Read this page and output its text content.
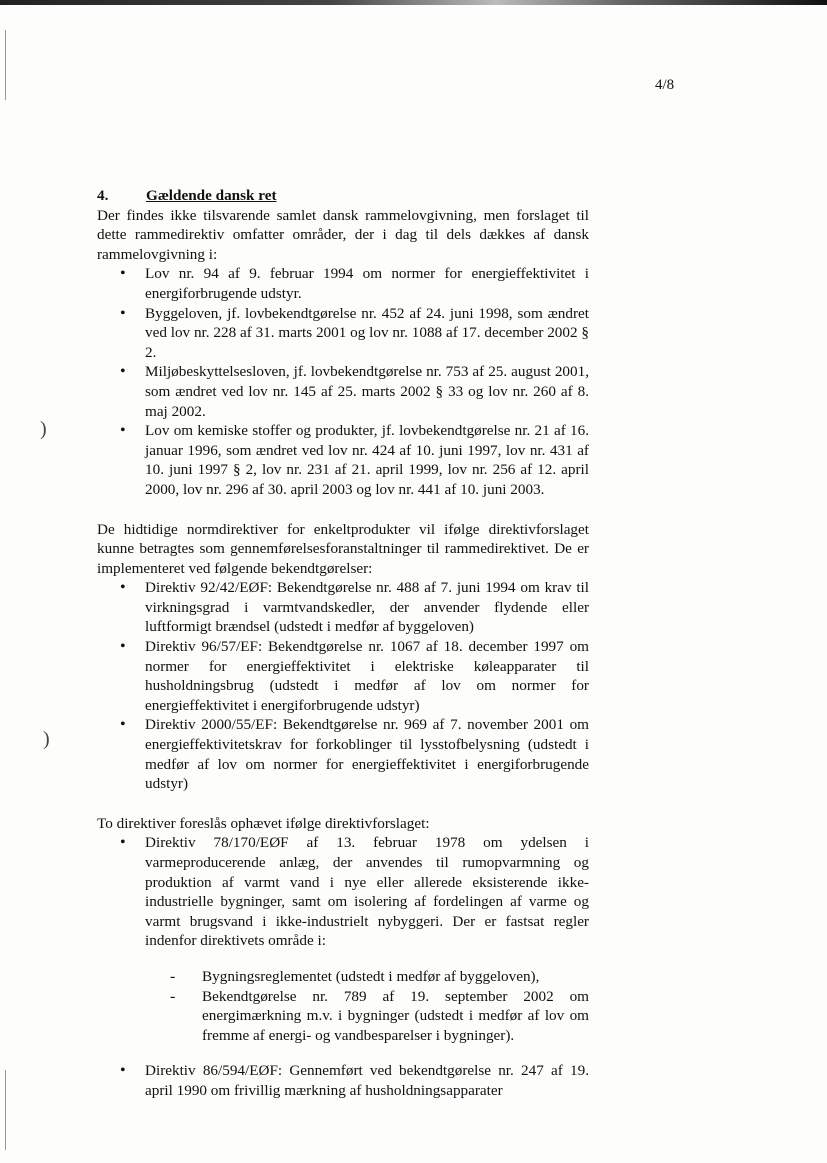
)
)
4/8
4. Gældende dansk ret

Der findes ikke tilsvarende samlet dansk rammelovgivning, men forslaget til dette rammedirektiv omfatter områder, der i dag til dels dækkes af dansk rammelovgivning i:

• Lov nr. 94 af 9. februar 1994 om normer for energieffektivitet i energiforbrugende udstyr.
• Byggeloven, jf. lovbekendtgørelse nr. 452 af 24. juni 1998, som ændret ved lov nr. 228 af 31. marts 2001 og lov nr. 1088 af 17. december 2002 § 2.
• Miljøbeskyttelsesloven, jf. lovbekendtgørelse nr. 753 af 25. august 2001, som ændret ved lov nr. 145 af 25. marts 2002 § 33 og lov nr. 260 af 8. maj 2002.
• Lov om kemiske stoffer og produkter, jf. lovbekendtgørelse nr. 21 af 16. januar 1996, som ændret ved lov nr. 424 af 10. juni 1997, lov nr. 431 af 10. juni 1997 § 2, lov nr. 231 af 21. april 1999, lov nr. 256 af 12. april 2000, lov nr. 296 af 30. april 2003 og lov nr. 441 af 10. juni 2003.

De hidtidige normdirektiver for enkeltprodukter vil ifølge direktivforslaget kunne betragtes som gennemførelsesforanstaltninger til rammedirektivet. De er implementeret ved følgende bekendtgørelser:

• Direktiv 92/42/EØF: Bekendtgørelse nr. 488 af 7. juni 1994 om krav til virkningsgrad i varmtvandskedler, der anvender flydende eller luftformigt brændsel (udstedt i medfør af byggeloven)
• Direktiv 96/57/EF: Bekendtgørelse nr. 1067 af 18. december 1997 om normer for energieffektivitet i elektriske køleapparater til husholdningsbrug (udstedt i medfør af lov om normer for energieffektivitet i energiforbrugende udstyr)
• Direktiv 2000/55/EF: Bekendtgørelse nr. 969 af 7. november 2001 om energieffektivitetskrav for forkoblinger til lysstofbelysning (udstedt i medfør af lov om normer for energieffektivitet i energiforbrugende udstyr)

To direktiver foreslås ophævet ifølge direktivforslaget:

• Direktiv 78/170/EØF af 13. februar 1978 om ydelsen i varmeproducerende anlæg, der anvendes til rumopvarmning og produktion af varmt vand i nye eller allerede eksisterende ikke-industrielle bygninger, samt om isolering af fordelingen af varme og varmt brugsvand i ikke-industrielt nybyggeri. Der er fastsat regler indenfor direktivets område i:
- Bygningsreglementet (udstedt i medfør af byggeloven),
- Bekendtgørelse nr. 789 af 19. september 2002 om energimærkning m.v. i bygninger (udstedt i medfør af lov om fremme af energi- og vandbesparelser i bygninger).
• Direktiv 86/594/EØF: Gennemført ved bekendtgørelse nr. 247 af 19. april 1990 om frivillig mærkning af husholdningsapparater
